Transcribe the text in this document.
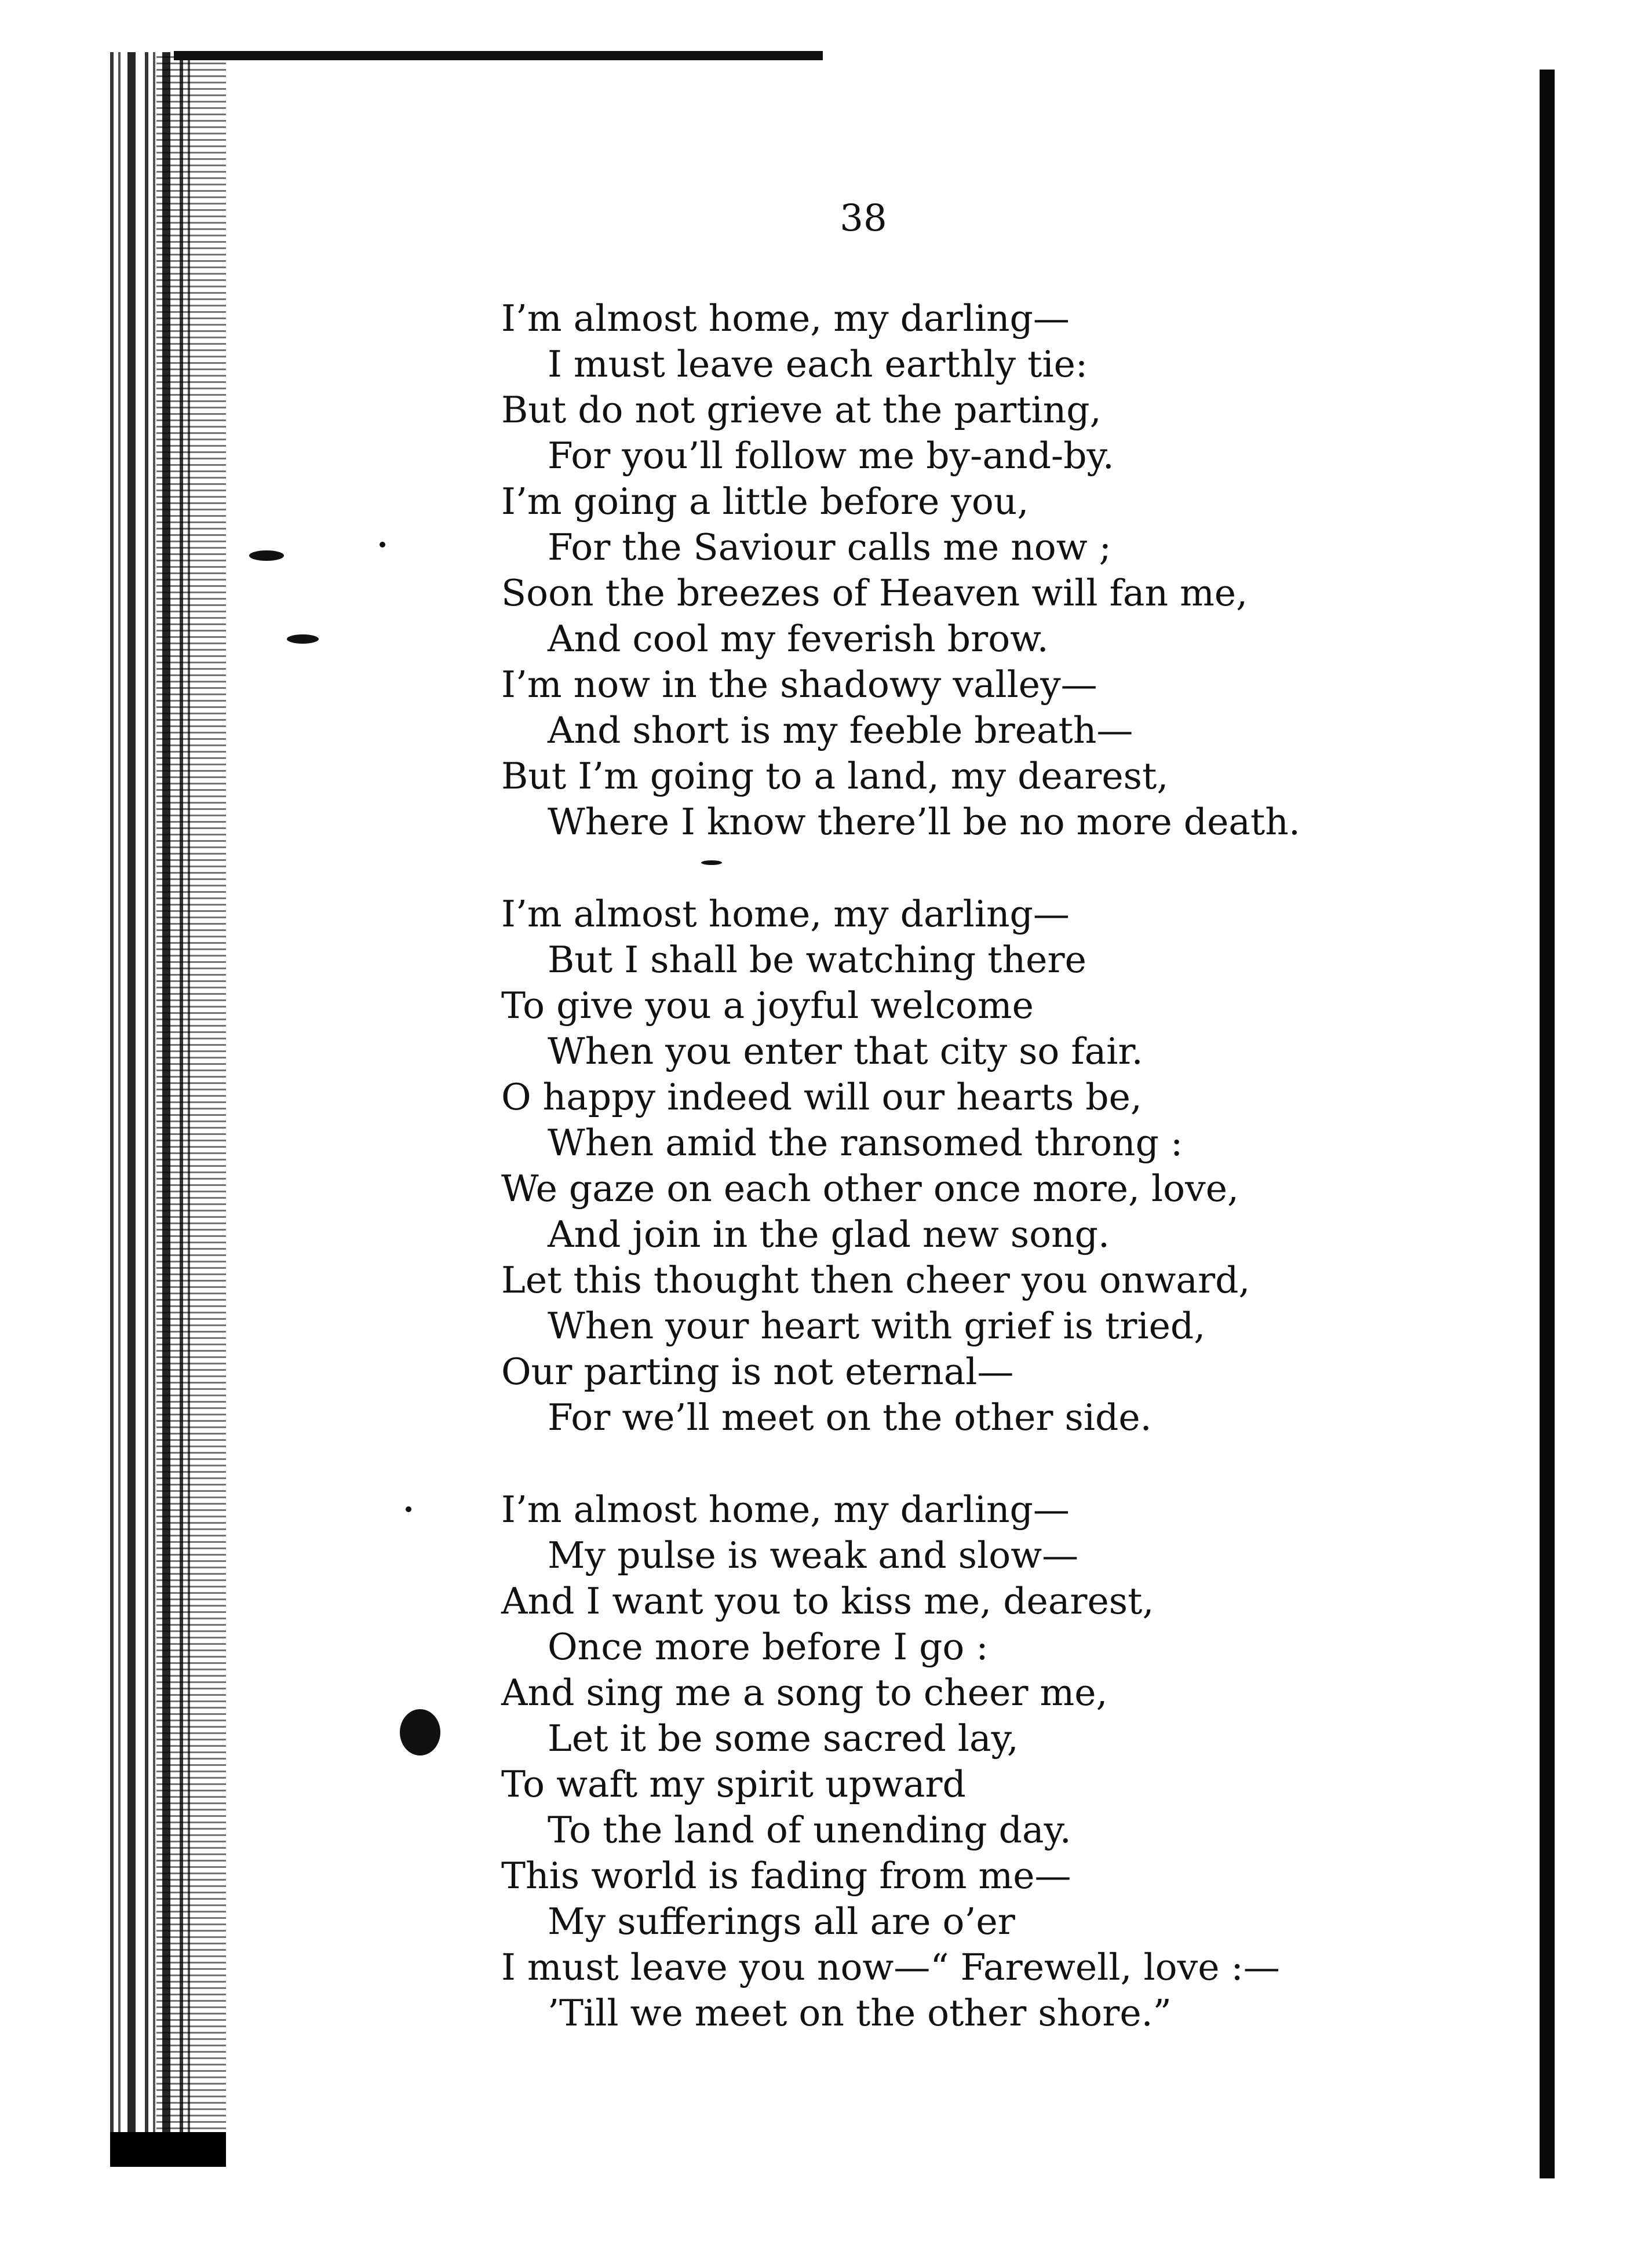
38
I’m almost home, my darling—
I must leave each earthly tie:
But do not grieve at the parting,
For you’ll follow me by-and-by.
I’m going a little before you,
For the Saviour calls me now ;
Soon the breezes of Heaven will fan me,
And cool my feverish brow.
I’m now in the shadowy valley—
And short is my feeble breath—
But I’m going to a land, my dearest,
Where I know there’ll be no more death.
I’m almost home, my darling—
But I shall be watching there
To give you a joyful welcome
When you enter that city so fair.
O happy indeed will our hearts be,
When amid the ransomed throng :
We gaze on each other once more, love,
And join in the glad new song.
Let this thought then cheer you onward,
When your heart with grief is tried,
Our parting is not eternal—
For we’ll meet on the other side.
I’m almost home, my darling—
My pulse is weak and slow—
And I want you to kiss me, dearest,
Once more before I go :
And sing me a song to cheer me,
Let it be some sacred lay,
To waft my spirit upward
To the land of unending day.
This world is fading from me—
My sufferings all are o’er
I must leave you now—“ Farewell, love :—
’Till we meet on the other shore.”
